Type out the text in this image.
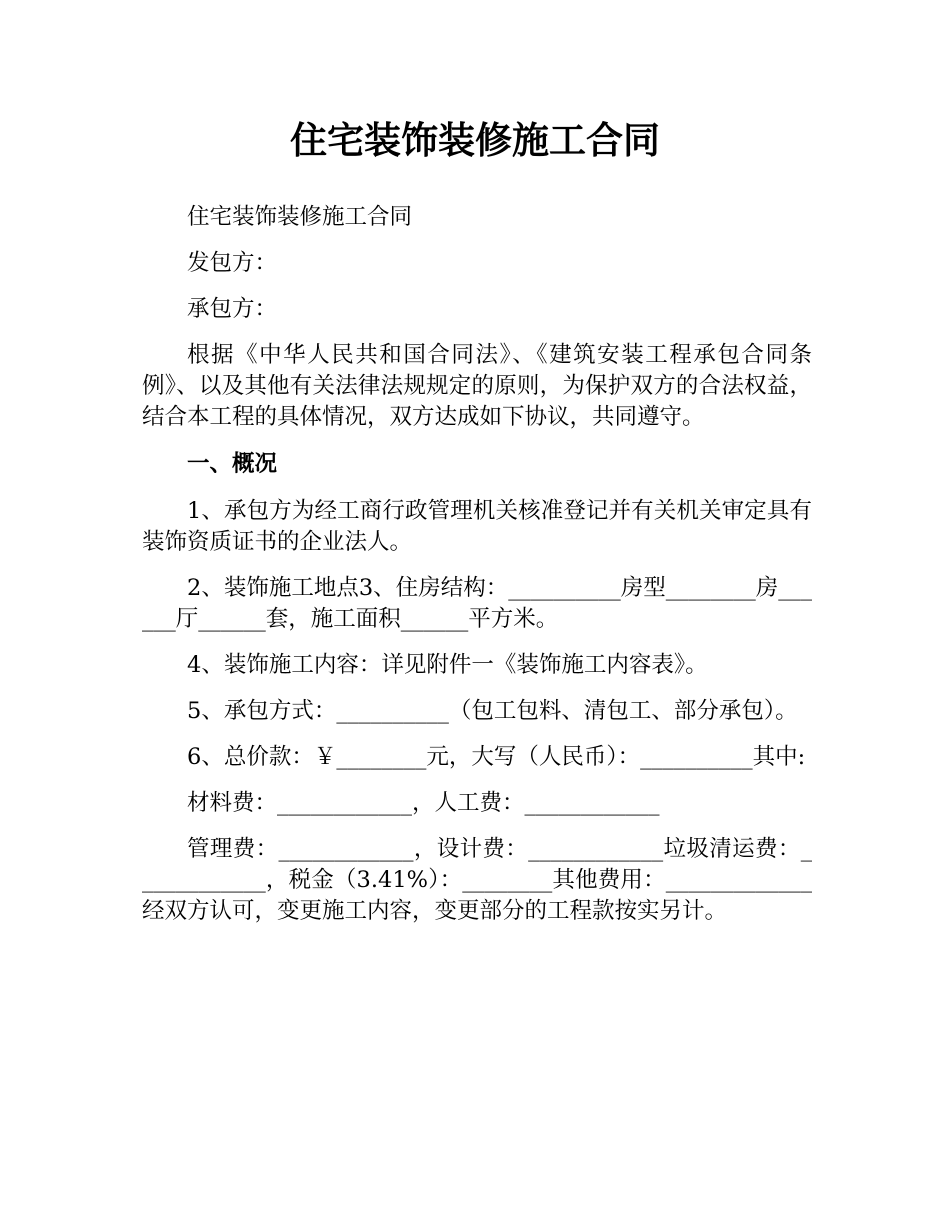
住宅装饰装修施工合同

住宅装饰装修施工合同

发包方：

承包方：

根据《中华人民共和国合同法》、《建筑安装工程承包合同条例》、以及其他有关法律法规规定的原则，为保护双方的合法权益，结合本工程的具体情况，双方达成如下协议，共同遵守。

一、概况

1、承包方为经工商行政管理机关核准登记并有关机关审定具有装饰资质证书的企业法人。

2、装饰施工地点3、住房结构：__________房型________房______厅______套，施工面积______平方米。

4、装饰施工内容：详见附件一《装饰施工内容表》。

5、承包方式：__________（包工包料、清包工、部分承包）。

6、总价款：￥________元，大写（人民币）：__________其中:

材料费：____________，人工费：____________

管理费：____________，设计费：____________垃圾清运费：____________，税金（3.41%）：________其他费用：_____________经双方认可，变更施工内容，变更部分的工程款按实另计。
